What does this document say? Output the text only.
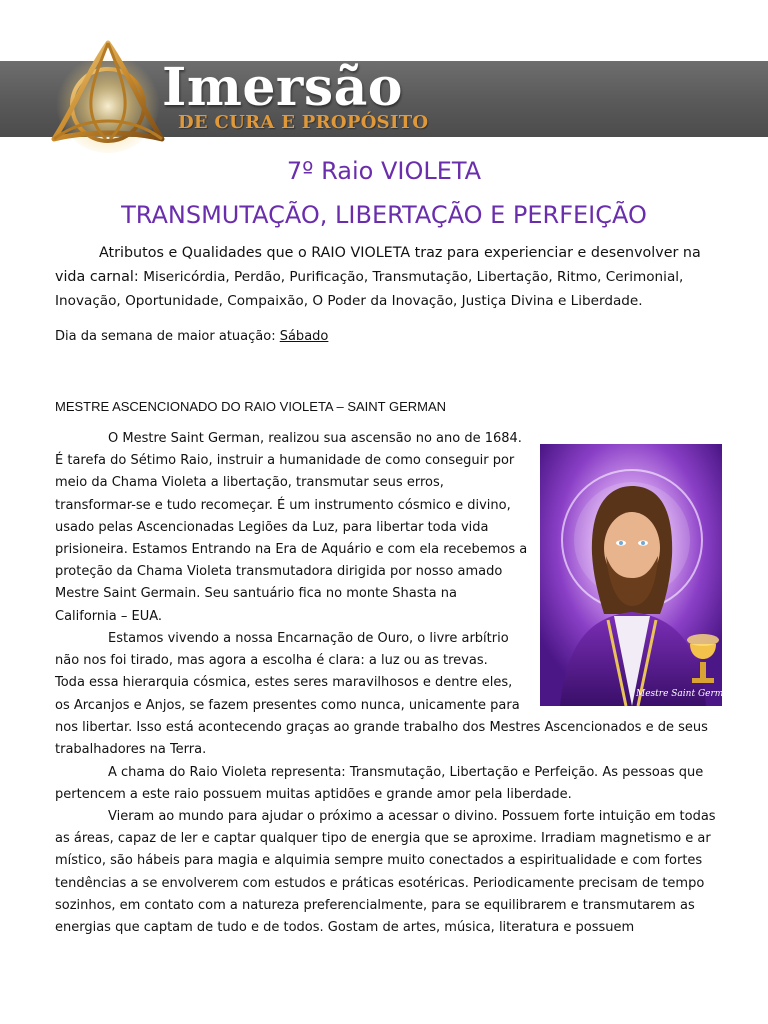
Imersão

DE CURA E PROPÓSITO

7º Raio VIOLETA
TRANSMUTAÇÃO, LIBERTAÇÃO E PERFEIÇÃO

Atributos e Qualidades que o RAIO VIOLETA traz para experienciar e desenvolver na
vida carnal: Misericórdia, Perdão, Purificação, Transmutação, Libertação, Ritmo, Cerimonial,
Inovação, Oportunidade, Compaixão, O Poder da Inovação, Justiça Divina e Liberdade.

Dia da semana de maior atuação: Sábado

MESTRE ASCENCIONADO DO RAIO VIOLETA – SAINT GERMAN
Mestre Saint Germain
O Mestre Saint German, realizou sua ascensão no ano de 1684.
É tarefa do Sétimo Raio, instruir a humanidade de como conseguir por
meio da Chama Violeta a libertação, transmutar seus erros,
transformar-se e tudo recomeçar. É um instrumento cósmico e divino,
usado pelas Ascencionadas Legiões da Luz, para libertar toda vida
prisioneira. Estamos Entrando na Era de Aquário e com ela recebemos a
proteção da Chama Violeta transmutadora dirigida por nosso amado
Mestre Saint Germain. Seu santuário fica no monte Shasta na
California – EUA.
Estamos vivendo a nossa Encarnação de Ouro, o livre arbítrio
não nos foi tirado, mas agora a escolha é clara: a luz ou as trevas.
Toda essa hierarquia cósmica, estes seres maravilhosos e dentre eles,
os Arcanjos e Anjos, se fazem presentes como nunca, unicamente para
nos libertar. Isso está acontecendo graças ao grande trabalho dos Mestres Ascencionados e de seus
trabalhadores na Terra.
A chama do Raio Violeta representa: Transmutação, Libertação e Perfeição. As pessoas que
pertencem a este raio possuem muitas aptidões e grande amor pela liberdade.
Vieram ao mundo para ajudar o próximo a acessar o divino. Possuem forte intuição em todas
as áreas, capaz de ler e captar qualquer tipo de energia que se aproxime. Irradiam magnetismo e ar
místico, são hábeis para magia e alquimia sempre muito conectados a espiritualidade e com fortes
tendências a se envolverem com estudos e práticas esotéricas. Periodicamente precisam de tempo
sozinhos, em contato com a natureza preferencialmente, para se equilibrarem e transmutarem as
energias que captam de tudo e de todos. Gostam de artes, música, literatura e possuem
